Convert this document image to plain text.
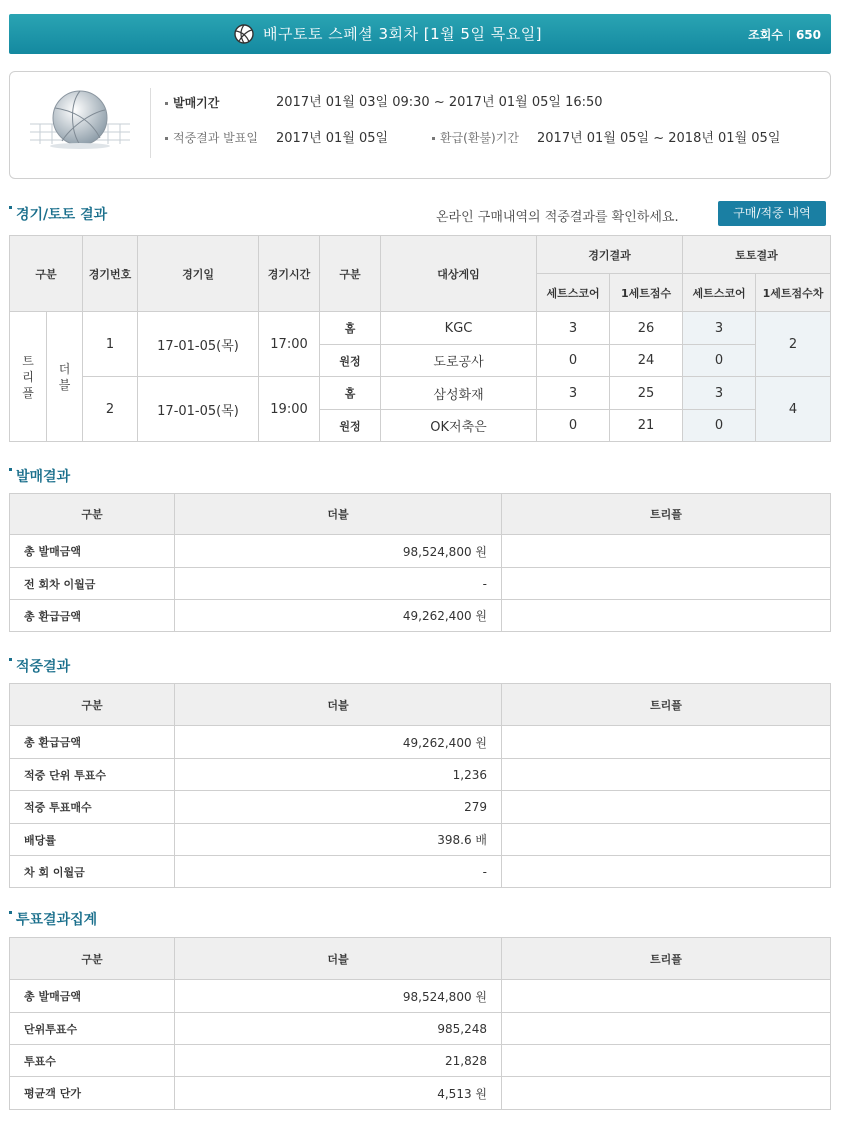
배구토토 스페셜 3회차 [1월 5일 목요일]	조회수 650
발매기간	2017년 01월 03일 09:30 ~ 2017년 01월 05일 16:50
적중결과 발표일 2017년 01월 05일	환급(환불)기간 2017년 01월 05일 ~ 2018년 01월 05일
경기/토토 결과	온라인 구매내역의 적중결과를 확인하세요.	구매/적중 내역
구분		경기번호	경기일	경기시간	구분	대상게임	경기결과		토토결과	
							세트스코어	1세트점수	세트스코어	1세트점수차
트리플	더블	1	17-01-05(목)	17:00	홈	KGC	3	26	3	2
					원정	도로공사	0	24	0	
		2	17-01-05(목)	19:00	홈	삼성화재	3	25	3	4
					원정	OK저축은	0	21	0	
발매결과
구분	더블	트리플
총 발매금액	98,524,800 원	
전 회차 이월금	-	
총 환급금액	49,262,400 원	
적중결과
구분	더블	트리플
총 환급금액	49,262,400 원	
적중 단위 투표수	1,236	
적중 투표매수	279	
배당률	398.6 배	
차 회 이월금	-	
투표결과집계
구분	더블	트리플
총 발매금액	98,524,800 원	
단위투표수	985,248	
투표수	21,828	
평균객 단가	4,513 원	
